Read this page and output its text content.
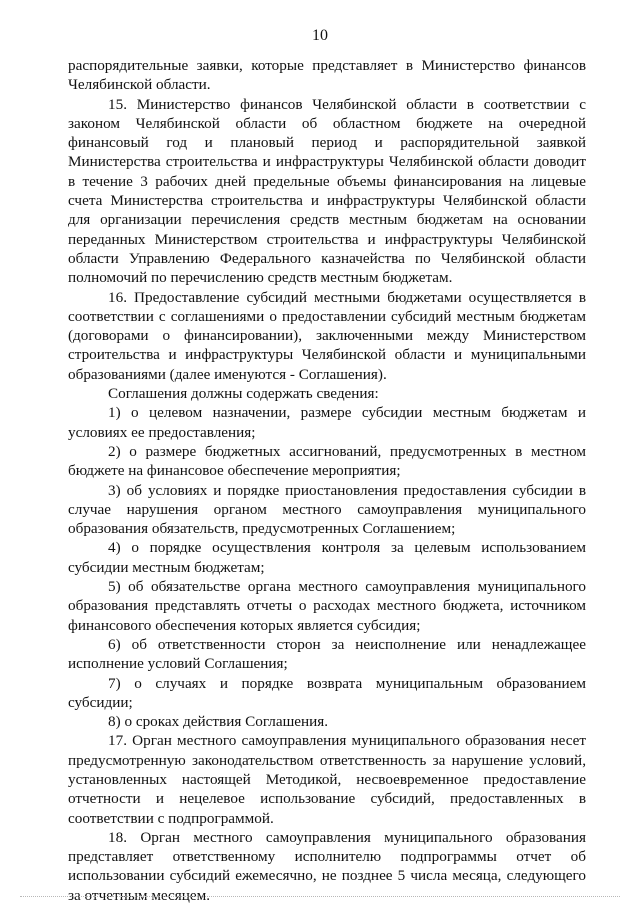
10

распорядительные заявки, которые представляет в Министерство финансов Челябинской области.

15. Министерство финансов Челябинской области в соответствии с законом Челябинской области об областном бюджете на очередной финансовый год и плановый период и распорядительной заявкой Министерства строительства и инфраструктуры Челябинской области доводит в течение 3 рабочих дней предельные объемы финансирования на лицевые счета Министерства строительства и инфраструктуры Челябинской области для организации перечисления средств местным бюджетам на основании переданных Министерством строительства и инфраструктуры Челябинской области Управлению Федерального казначейства по Челябинской области полномочий по перечислению средств местным бюджетам.

16. Предоставление субсидий местными бюджетами осуществляется в соответствии с соглашениями о предоставлении субсидий местным бюджетам (договорами о финансировании), заключенными между Министерством строительства и инфраструктуры Челябинской области и муниципальными образованиями (далее именуются - Соглашения).

Соглашения должны содержать сведения:

1) о целевом назначении, размере субсидии местным бюджетам и условиях ее предоставления;

2) о размере бюджетных ассигнований, предусмотренных в местном бюджете на финансовое обеспечение мероприятия;

3) об условиях и порядке приостановления предоставления субсидии в случае нарушения органом местного самоуправления муниципального образования обязательств, предусмотренных Соглашением;

4) о порядке осуществления контроля за целевым использованием субсидии местным бюджетам;

5) об обязательстве органа местного самоуправления муниципального образования представлять отчеты о расходах местного бюджета, источником финансового обеспечения которых является субсидия;

6) об ответственности сторон за неисполнение или ненадлежащее исполнение условий Соглашения;

7) о случаях и порядке возврата муниципальным образованием субсидии;

8) о сроках действия Соглашения.

17. Орган местного самоуправления муниципального образования несет предусмотренную законодательством ответственность за нарушение условий, установленных настоящей Методикой, несвоевременное предоставление отчетности и нецелевое использование субсидий, предоставленных в соответствии с подпрограммой.

18. Орган местного самоуправления муниципального образования представляет ответственному исполнителю подпрограммы отчет об использовании субсидий ежемесячно, не позднее 5 числа месяца, следующего за отчетным месяцем.
